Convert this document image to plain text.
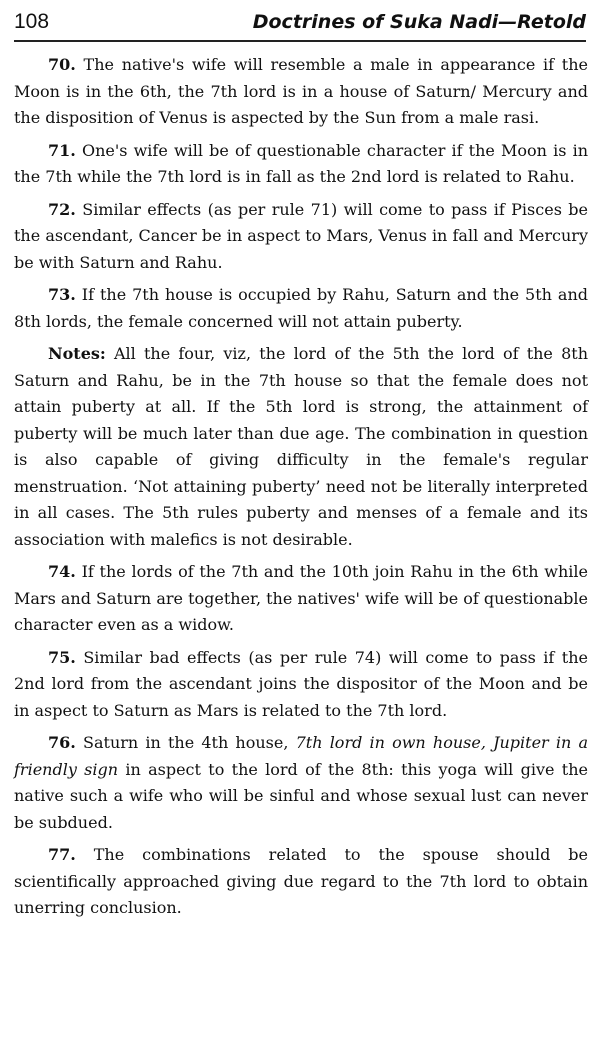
108	Doctrines of Suka Nadi—Retold

70. The native's wife will resemble a male in appearance if the Moon is in the 6th, the 7th lord is in a house of Saturn/ Mercury and the disposition of Venus is aspected by the Sun from a male rasi.

71. One's wife will be of questionable character if the Moon is in the 7th while the 7th lord is in fall as the 2nd lord is related to Rahu.

72. Similar effects (as per rule 71) will come to pass if Pisces be the ascendant, Cancer be in aspect to Mars, Venus in fall and Mercury be with Saturn and Rahu.

73. If the 7th house is occupied by Rahu, Saturn and the 5th and 8th lords, the female concerned will not attain puberty.

Notes: All the four, viz, the lord of the 5th the lord of the 8th Saturn and Rahu, be in the 7th house so that the female does not attain puberty at all. If the 5th lord is strong, the attainment of puberty will be much later than due age. The combination in question is also capable of giving difficulty in the female's regular menstruation. ‘Not attaining puberty’ need not be literally interpreted in all cases. The 5th rules puberty and menses of a female and its association with malefics is not desirable.

74. If the lords of the 7th and the 10th join Rahu in the 6th while Mars and Saturn are together, the natives' wife will be of questionable character even as a widow.

75. Similar bad effects (as per rule 74) will come to pass if the 2nd lord from the ascendant joins the dispositor of the Moon and be in aspect to Saturn as Mars is related to the 7th lord.

76. Saturn in the 4th house, 7th lord in own house, Jupiter in a friendly sign in aspect to the lord of the 8th: this yoga will give the native such a wife who will be sinful and whose sexual lust can never be subdued.

77. The combinations related to the spouse should be scientifically approached giving due regard to the 7th lord to obtain unerring conclusion.
